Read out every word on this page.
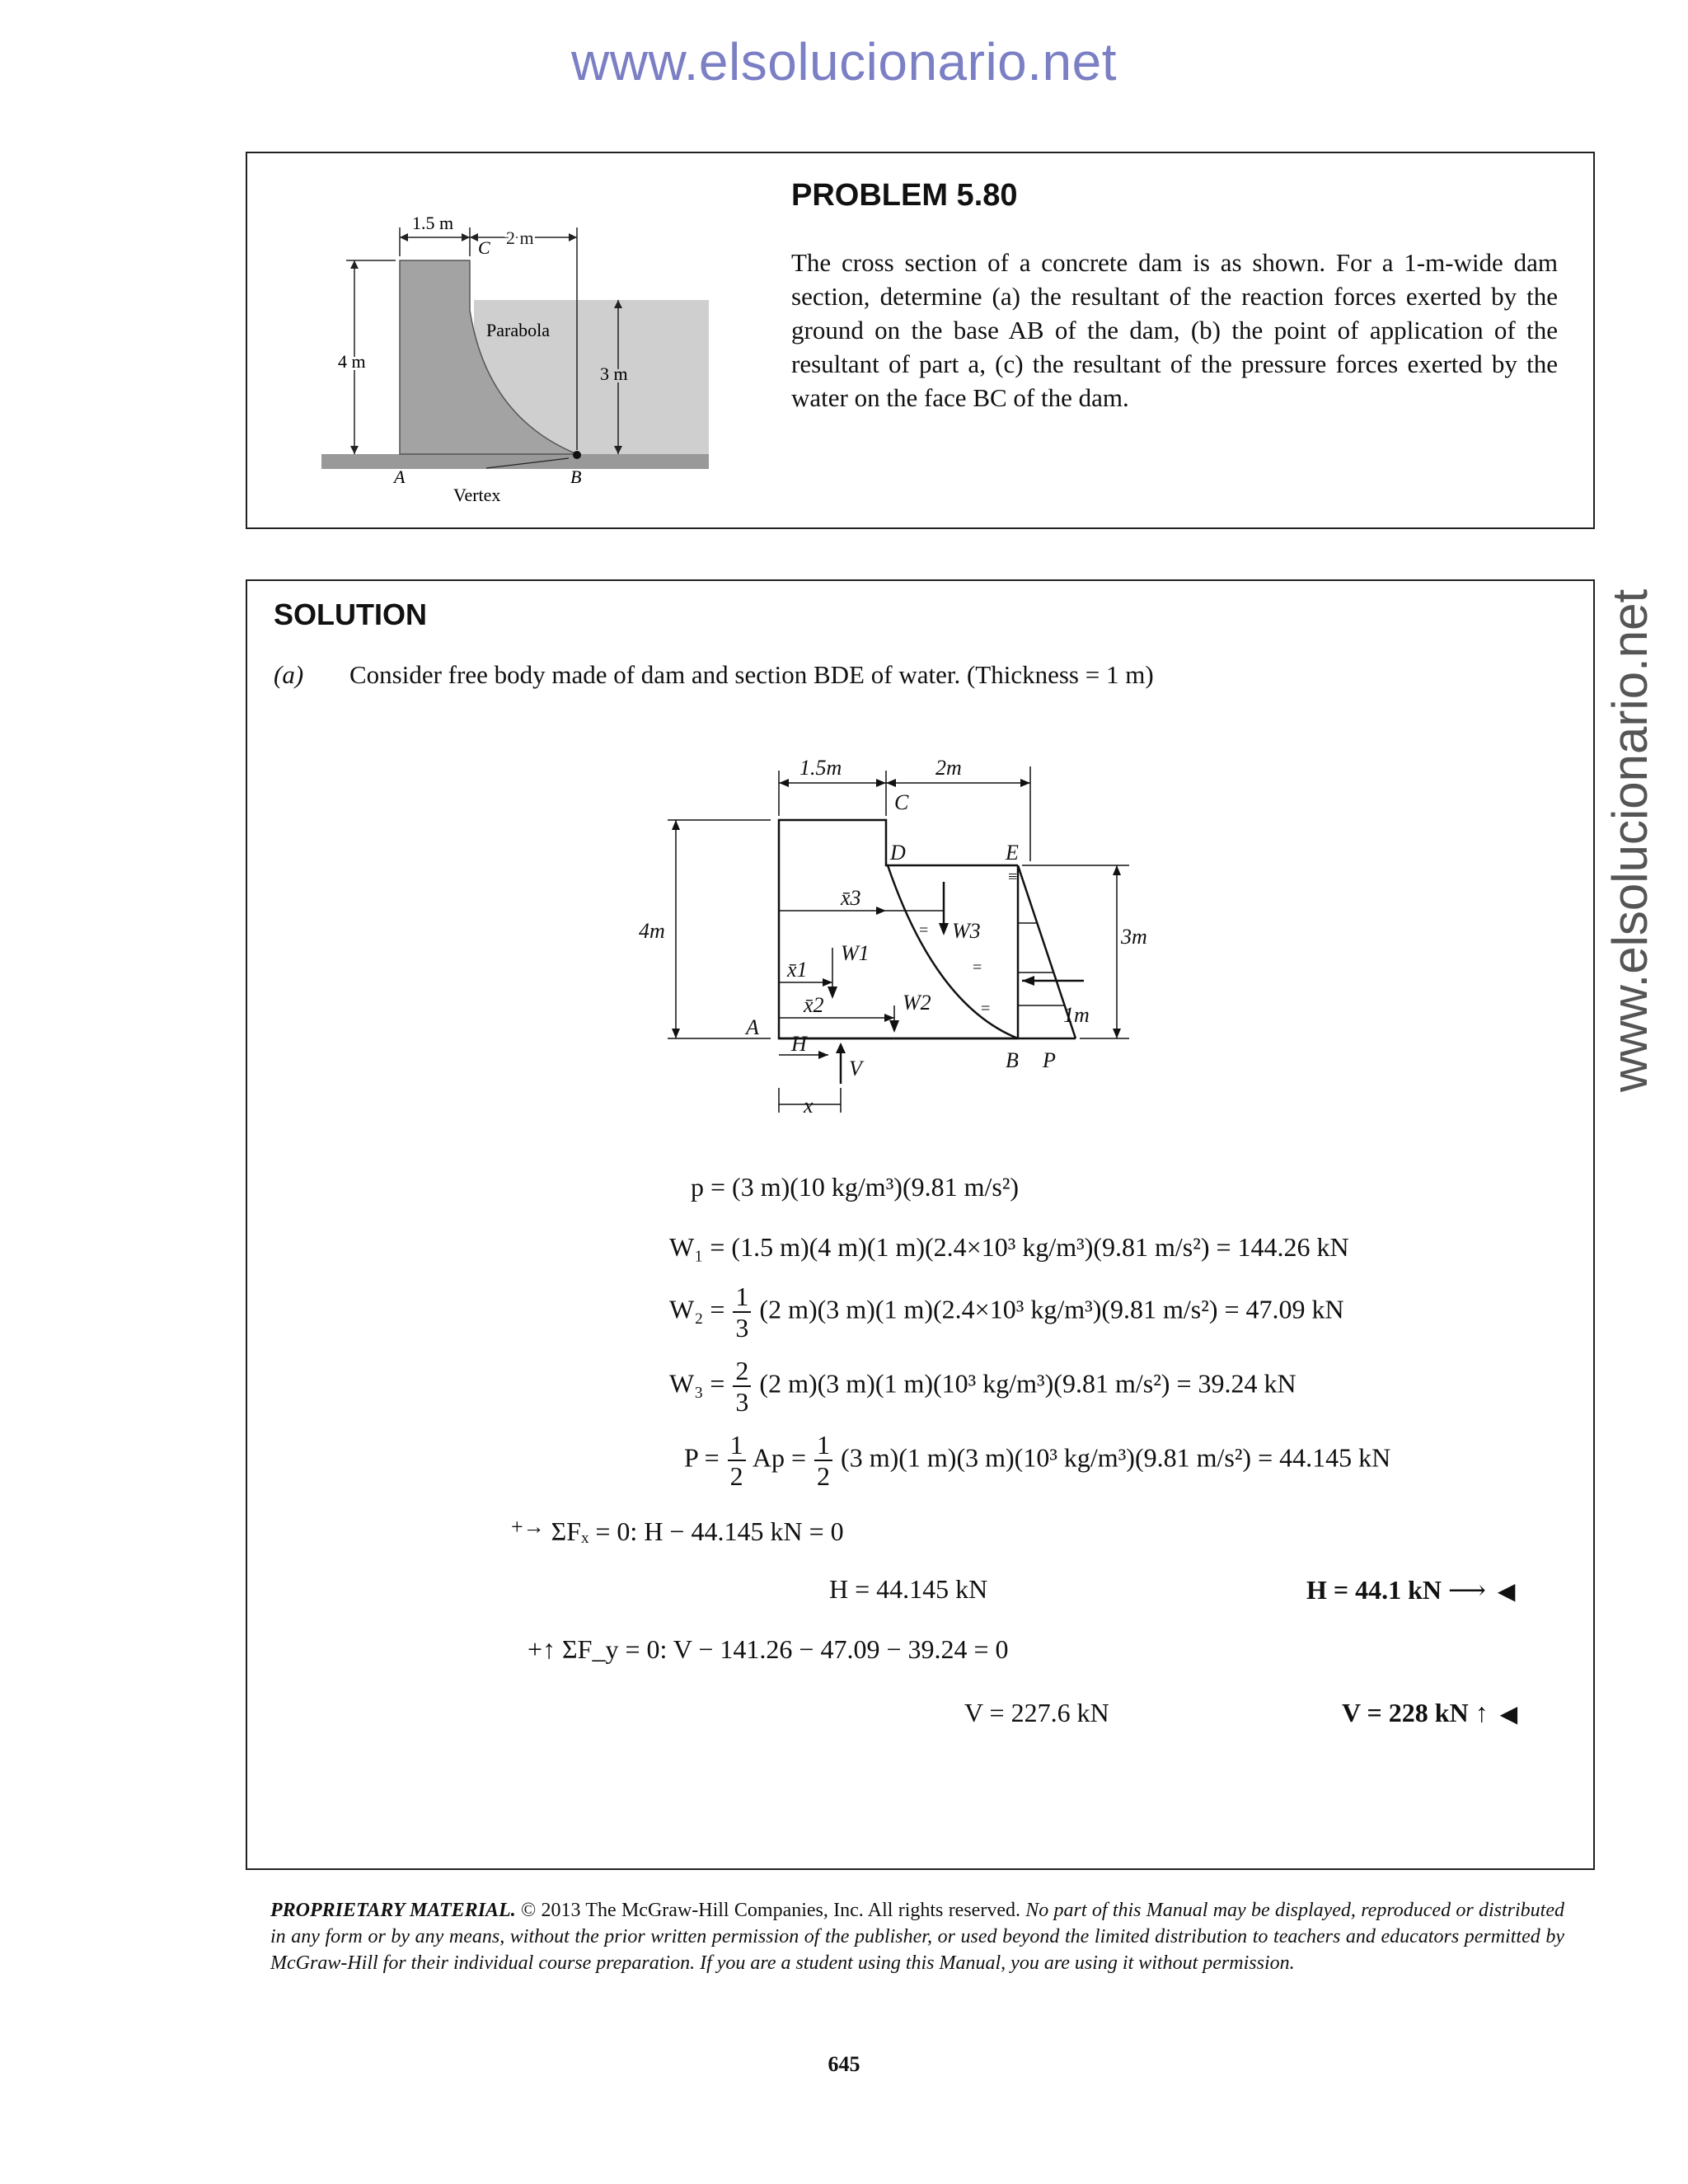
www.elsolucionario.net
www.elsolucionario.net
1.5 m
2 m
C
4 m
3 m
Parabola
A	B
Vertex
PROBLEM 5.80
The cross section of a concrete dam is as shown. For a 1-m-wide dam section, determine (a) the resultant of the reaction forces exerted by the ground on the base AB of the dam, (b) the point of application of the resultant of part a, (c) the resultant of the pressure forces exerted by the water on the face BC of the dam.
SOLUTION
(a) Consider free body made of dam and section BDE of water. (Thickness = 1 m)
1.5m	2m
C
D	E
4m	3m
1m
A
B P
x̄3
W1
W3
x̄1
W2
x̄2
H
V
x
=
=
=
≡
p = (3 m)(10 kg/m³)(9.81 m/s²)
W₁ = (1.5 m)(4 m)(1 m)(2.4×10³ kg/m³)(9.81 m/s²) = 144.26 kN
$W_2 = \frac{1}{3} (2$ m)(3 m)(1 m)(2.4×10³ kg/m³)(9.81 m/s²) = 47.09 kN
$W_3 = \frac{2}{3} (2$ m)(3 m)(1 m)(10³ kg/m³)(9.81 m/s²) = 39.24 kN
$P = \frac{1}{2}$ $Ap = \frac{1}{2} (3$ m)(1 m)(3 m)(10³ kg/m³)(9.81 m/s²) = 44.145 kN
+→ ΣFₓ = 0: H − 44.145 kN = 0
H = 44.145 kN	H = 44.1 kN ⟶ ◀
+↑ ΣF_y = 0: V − 141.26 − 47.09 − 39.24 = 0
V = 227.6 kN	V = 228 kN ↑ ◀
PROPRIETARY MATERIAL. © 2013 The McGraw-Hill Companies, Inc. All rights reserved. No part of this Manual may be displayed, reproduced or distributed in any form or by any means, without the prior written permission of the publisher, or used beyond the limited distribution to teachers and educators permitted by McGraw-Hill for their individual course preparation. If you are a student using this Manual, you are using it without permission.
645
